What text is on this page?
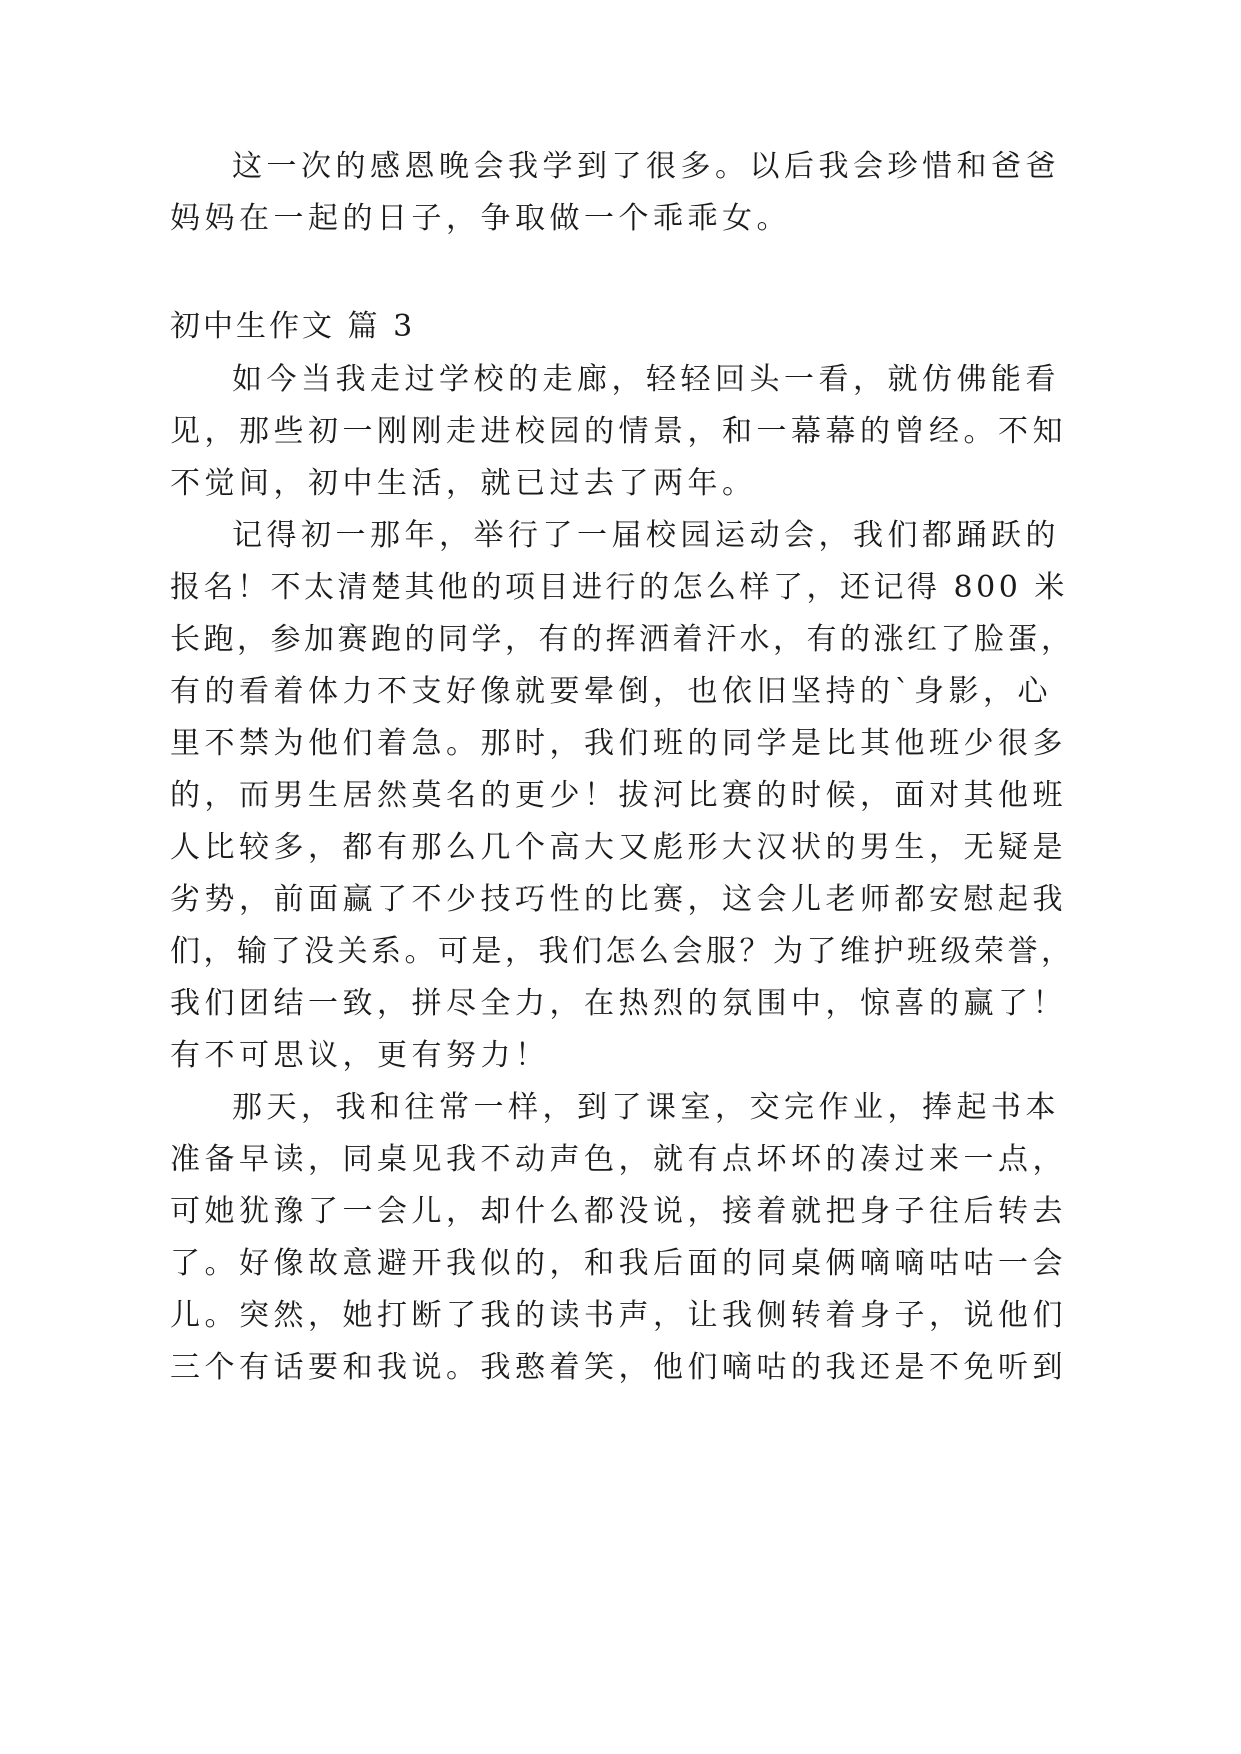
这一次的感恩晚会我学到了很多。以后我会珍惜和爸爸
妈妈在一起的日子，争取做一个乖乖女。
初中生作文 篇 3
如今当我走过学校的走廊，轻轻回头一看，就仿佛能看
见，那些初一刚刚走进校园的情景，和一幕幕的曾经。不知
不觉间，初中生活，就已过去了两年。
记得初一那年，举行了一届校园运动会，我们都踊跃的
报名！不太清楚其他的项目进行的怎么样了，还记得 800 米
长跑，参加赛跑的同学，有的挥洒着汗水，有的涨红了脸蛋，
有的看着体力不支好像就要晕倒，也依旧坚持的`身影，心
里不禁为他们着急。那时，我们班的同学是比其他班少很多
的，而男生居然莫名的更少！拔河比赛的时候，面对其他班
人比较多，都有那么几个高大又彪形大汉状的男生，无疑是
劣势，前面赢了不少技巧性的比赛，这会儿老师都安慰起我
们，输了没关系。可是，我们怎么会服？为了维护班级荣誉，
我们团结一致，拼尽全力，在热烈的氛围中，惊喜的赢了！
有不可思议，更有努力！
那天，我和往常一样，到了课室，交完作业，捧起书本
准备早读，同桌见我不动声色，就有点坏坏的凑过来一点，
可她犹豫了一会儿，却什么都没说，接着就把身子往后转去
了。好像故意避开我似的，和我后面的同桌俩嘀嘀咕咕一会
儿。突然，她打断了我的读书声，让我侧转着身子，说他们
三个有话要和我说。我憨着笑，他们嘀咕的我还是不免听到
